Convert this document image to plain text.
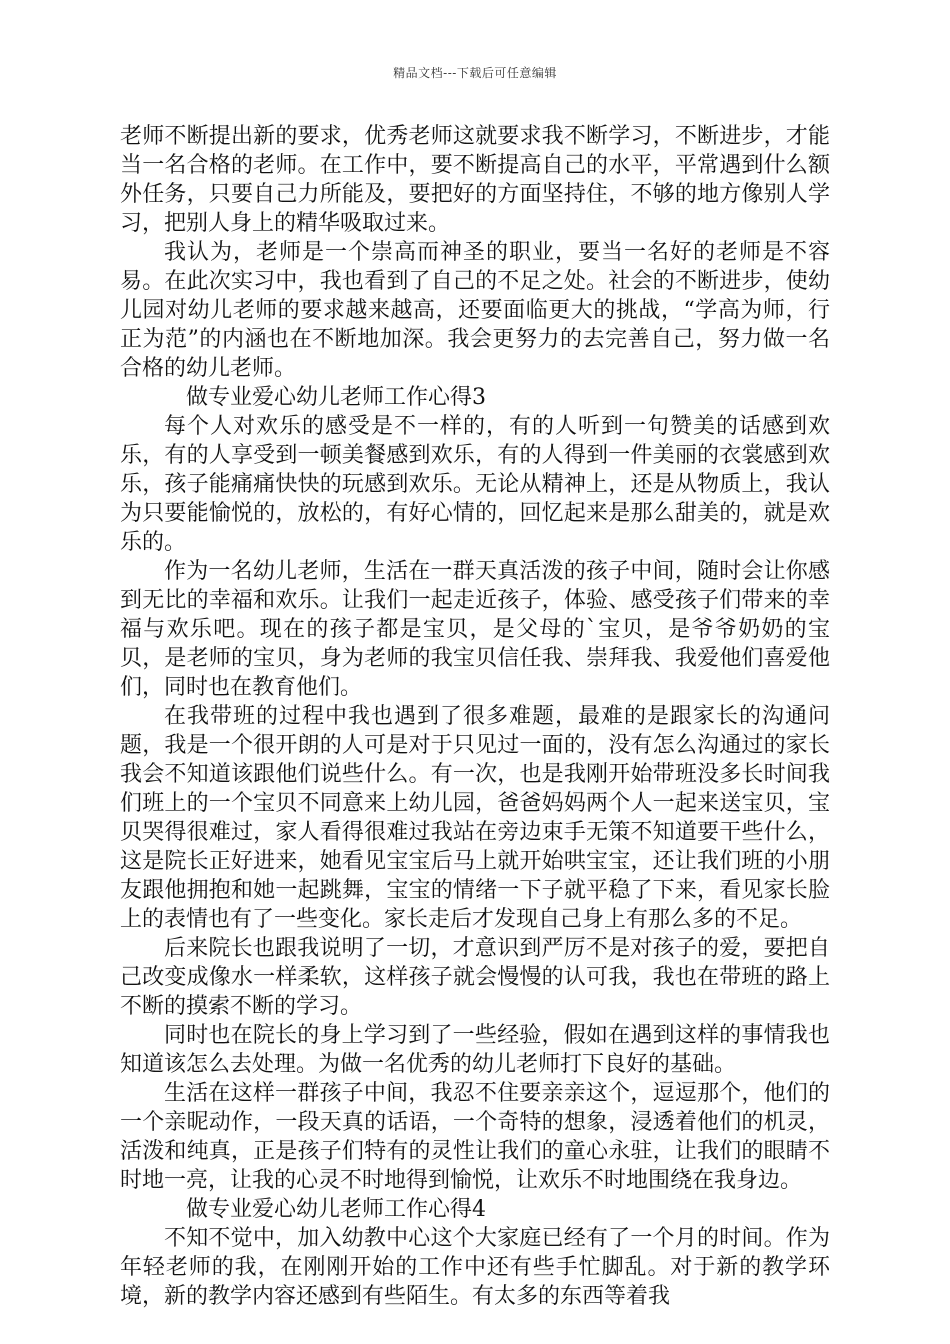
精品文档---下载后可任意编辑

老师不断提出新的要求，优秀老师这就要求我不断学习，不断进步，才能当一名合格的老师。在工作中，要不断提高自己的水平，平常遇到什么额外任务，只要自己力所能及，要把好的方面坚持住，不够的地方像别人学习，把别人身上的精华吸取过来。

我认为，老师是一个崇高而神圣的职业，要当一名好的老师是不容易。在此次实习中，我也看到了自己的不足之处。社会的不断进步，使幼儿园对幼儿老师的要求越来越高，还要面临更大的挑战，“学高为师，行正为范”的内涵也在不断地加深。我会更努力的去完善自己，努力做一名合格的幼儿老师。

做专业爱心幼儿老师工作心得3

每个人对欢乐的感受是不一样的，有的人听到一句赞美的话感到欢乐，有的人享受到一顿美餐感到欢乐，有的人得到一件美丽的衣裳感到欢乐，孩子能痛痛快快的玩感到欢乐。无论从精神上，还是从物质上，我认为只要能愉悦的，放松的，有好心情的，回忆起来是那么甜美的，就是欢乐的。

作为一名幼儿老师，生活在一群天真活泼的孩子中间，随时会让你感到无比的幸福和欢乐。让我们一起走近孩子，体验、感受孩子们带来的幸福与欢乐吧。现在的孩子都是宝贝，是父母的`宝贝，是爷爷奶奶的宝贝，是老师的宝贝，身为老师的我宝贝信任我、崇拜我、我爱他们喜爱他们，同时也在教育他们。

在我带班的过程中我也遇到了很多难题，最难的是跟家长的沟通问题，我是一个很开朗的人可是对于只见过一面的，没有怎么沟通过的家长我会不知道该跟他们说些什么。有一次，也是我刚开始带班没多长时间我们班上的一个宝贝不同意来上幼儿园，爸爸妈妈两个人一起来送宝贝，宝贝哭得很难过，家人看得很难过我站在旁边束手无策不知道要干些什么，这是院长正好进来，她看见宝宝后马上就开始哄宝宝，还让我们班的小朋友跟他拥抱和她一起跳舞，宝宝的情绪一下子就平稳了下来，看见家长脸上的表情也有了一些变化。家长走后才发现自己身上有那么多的不足。

后来院长也跟我说明了一切，才意识到严厉不是对孩子的爱，要把自己改变成像水一样柔软，这样孩子就会慢慢的认可我，我也在带班的路上不断的摸索不断的学习。

同时也在院长的身上学习到了一些经验，假如在遇到这样的事情我也知道该怎么去处理。为做一名优秀的幼儿老师打下良好的基础。

生活在这样一群孩子中间，我忍不住要亲亲这个，逗逗那个，他们的一个亲昵动作，一段天真的话语，一个奇特的想象，浸透着他们的机灵，活泼和纯真，正是孩子们特有的灵性让我们的童心永驻，让我们的眼睛不时地一亮，让我的心灵不时地得到愉悦，让欢乐不时地围绕在我身边。

做专业爱心幼儿老师工作心得4

不知不觉中，加入幼教中心这个大家庭已经有了一个月的时间。作为年轻老师的我，在刚刚开始的工作中还有些手忙脚乱。对于新的教学环境，新的教学内容还感到有些陌生。有太多的东西等着我
